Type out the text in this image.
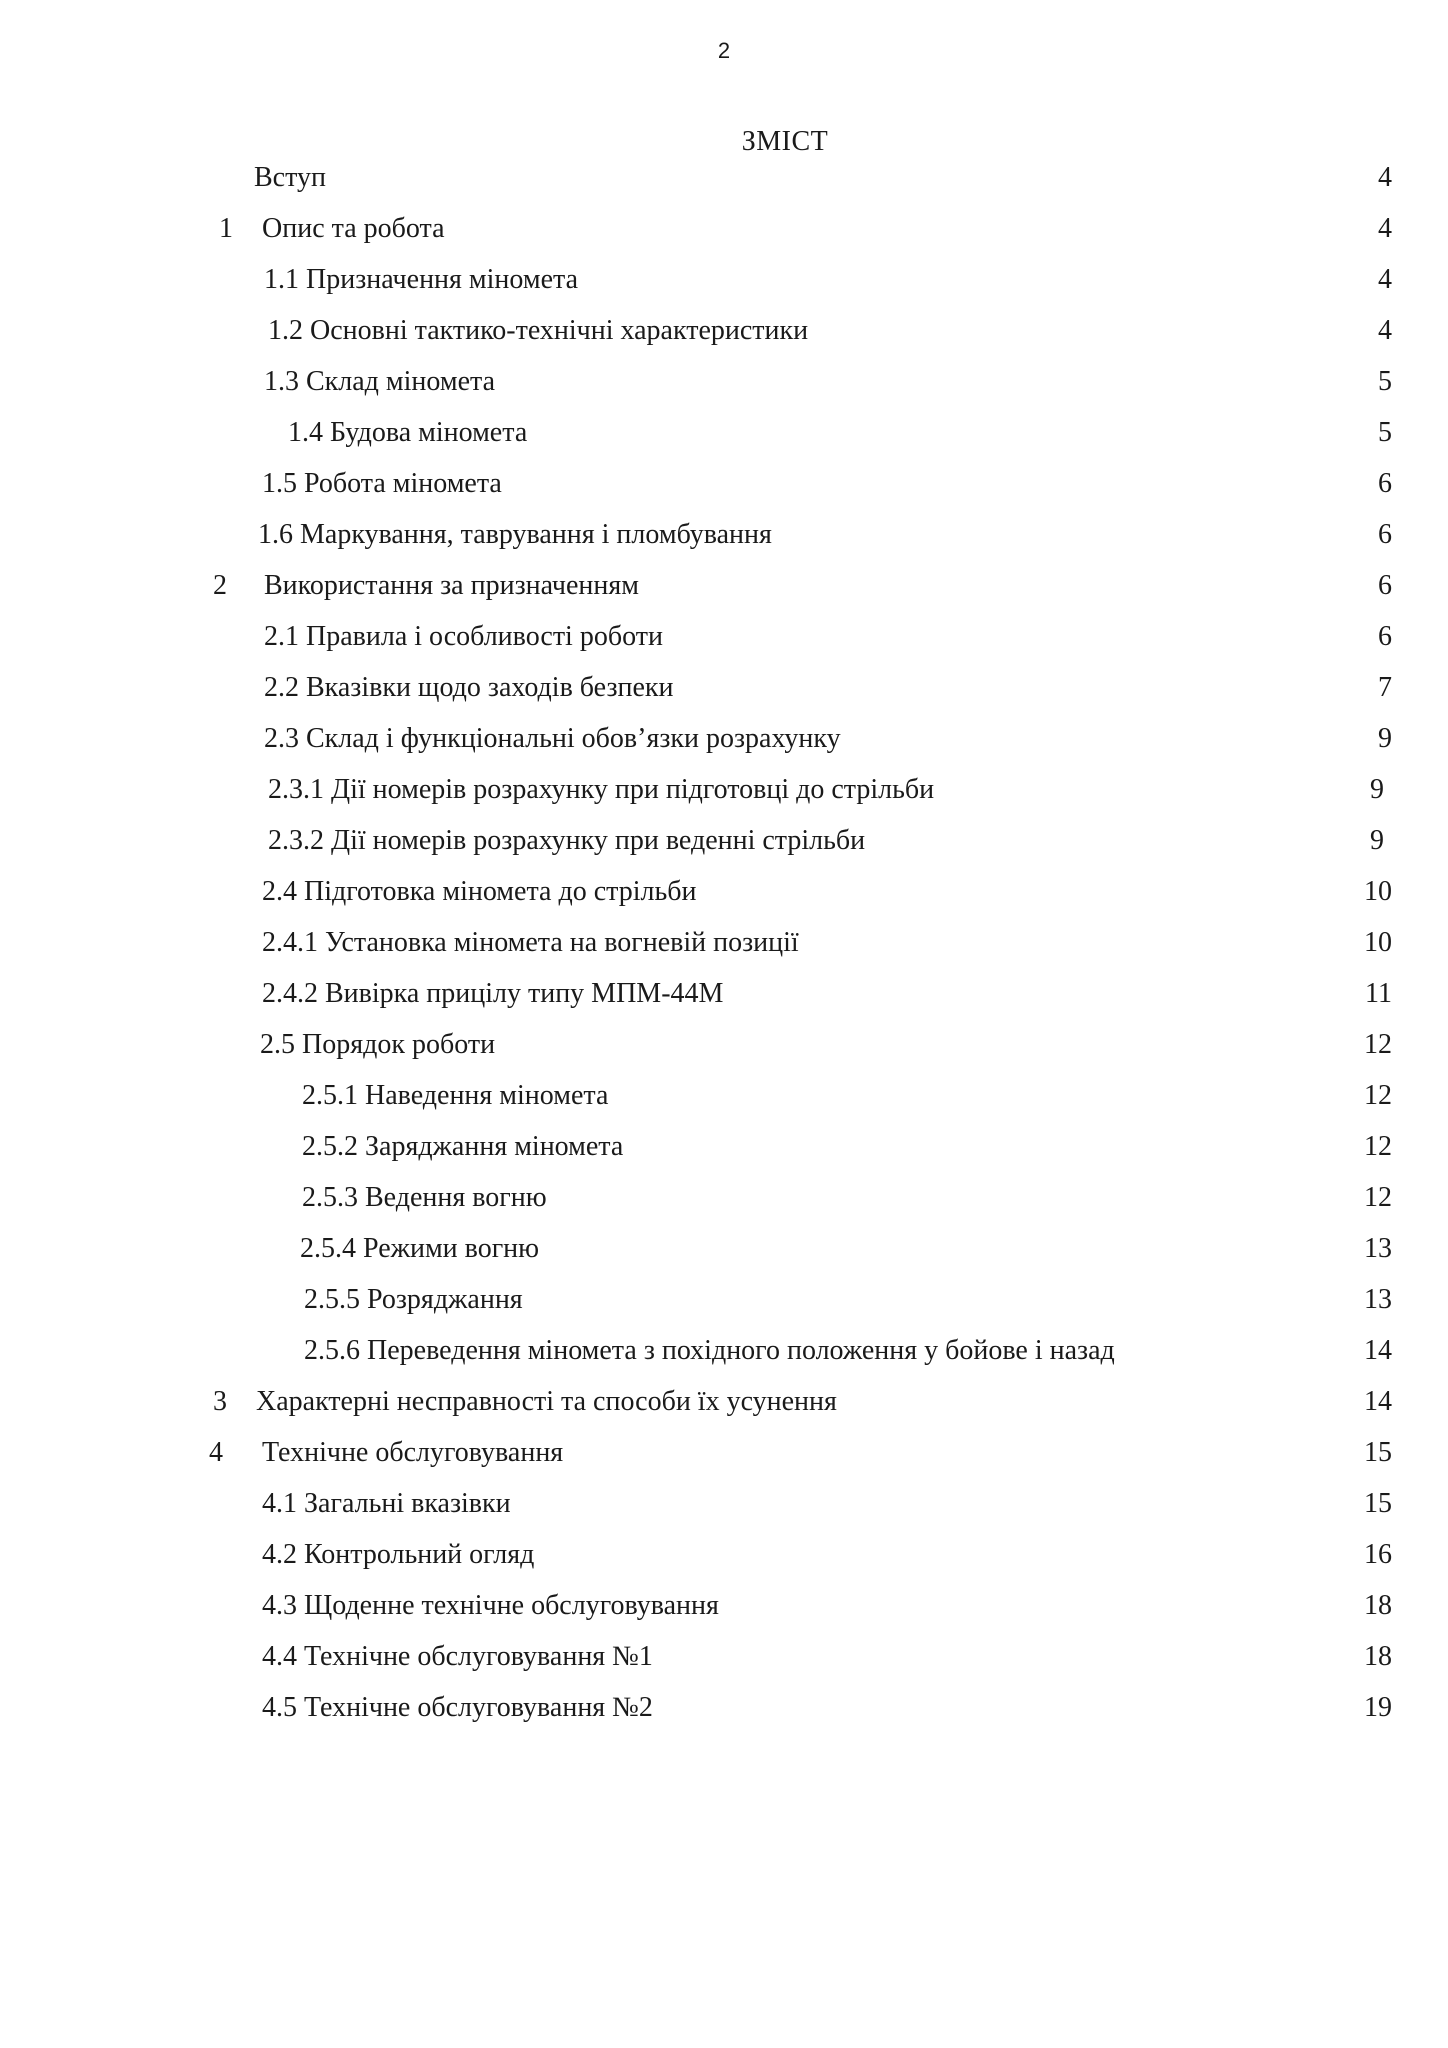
2
ЗМІСТ
Вступ	4
1 Опис та робота	4
1.1 Призначення міномета	4
1.2 Основні тактико-технічні характеристики	4
1.3 Склад міномета	5
1.4 Будова міномета	5
1.5 Робота міномета	6
1.6 Маркування, таврування і пломбування	6
2 Використання за призначенням	6
2.1 Правила і особливості роботи	6
2.2 Вказівки щодо заходів безпеки	7
2.3 Склад і функціональні обов’язки розрахунку	9
2.3.1 Дії номерів розрахунку при підготовці до стрільби	9
2.3.2 Дії номерів розрахунку при веденні стрільби	9
2.4 Підготовка міномета до стрільби	10
2.4.1 Установка міномета на вогневій позиції	10
2.4.2 Вивірка прицілу типу МПМ-44М	11
2.5 Порядок роботи	12
2.5.1 Наведення міномета	12
2.5.2 Заряджання міномета	12
2.5.3 Ведення вогню	12
2.5.4 Режими вогню	13
2.5.5 Розряджання	13
2.5.6 Переведення міномета з похідного положення у бойове і назад	14
3 Характерні несправності та способи їх усунення	14
4 Технічне обслуговування	15
4.1 Загальні вказівки	15
4.2 Контрольний огляд	16
4.3 Щоденне технічне обслуговування	18
4.4 Технічне обслуговування №1	18
4.5 Технічне обслуговування №2	19
